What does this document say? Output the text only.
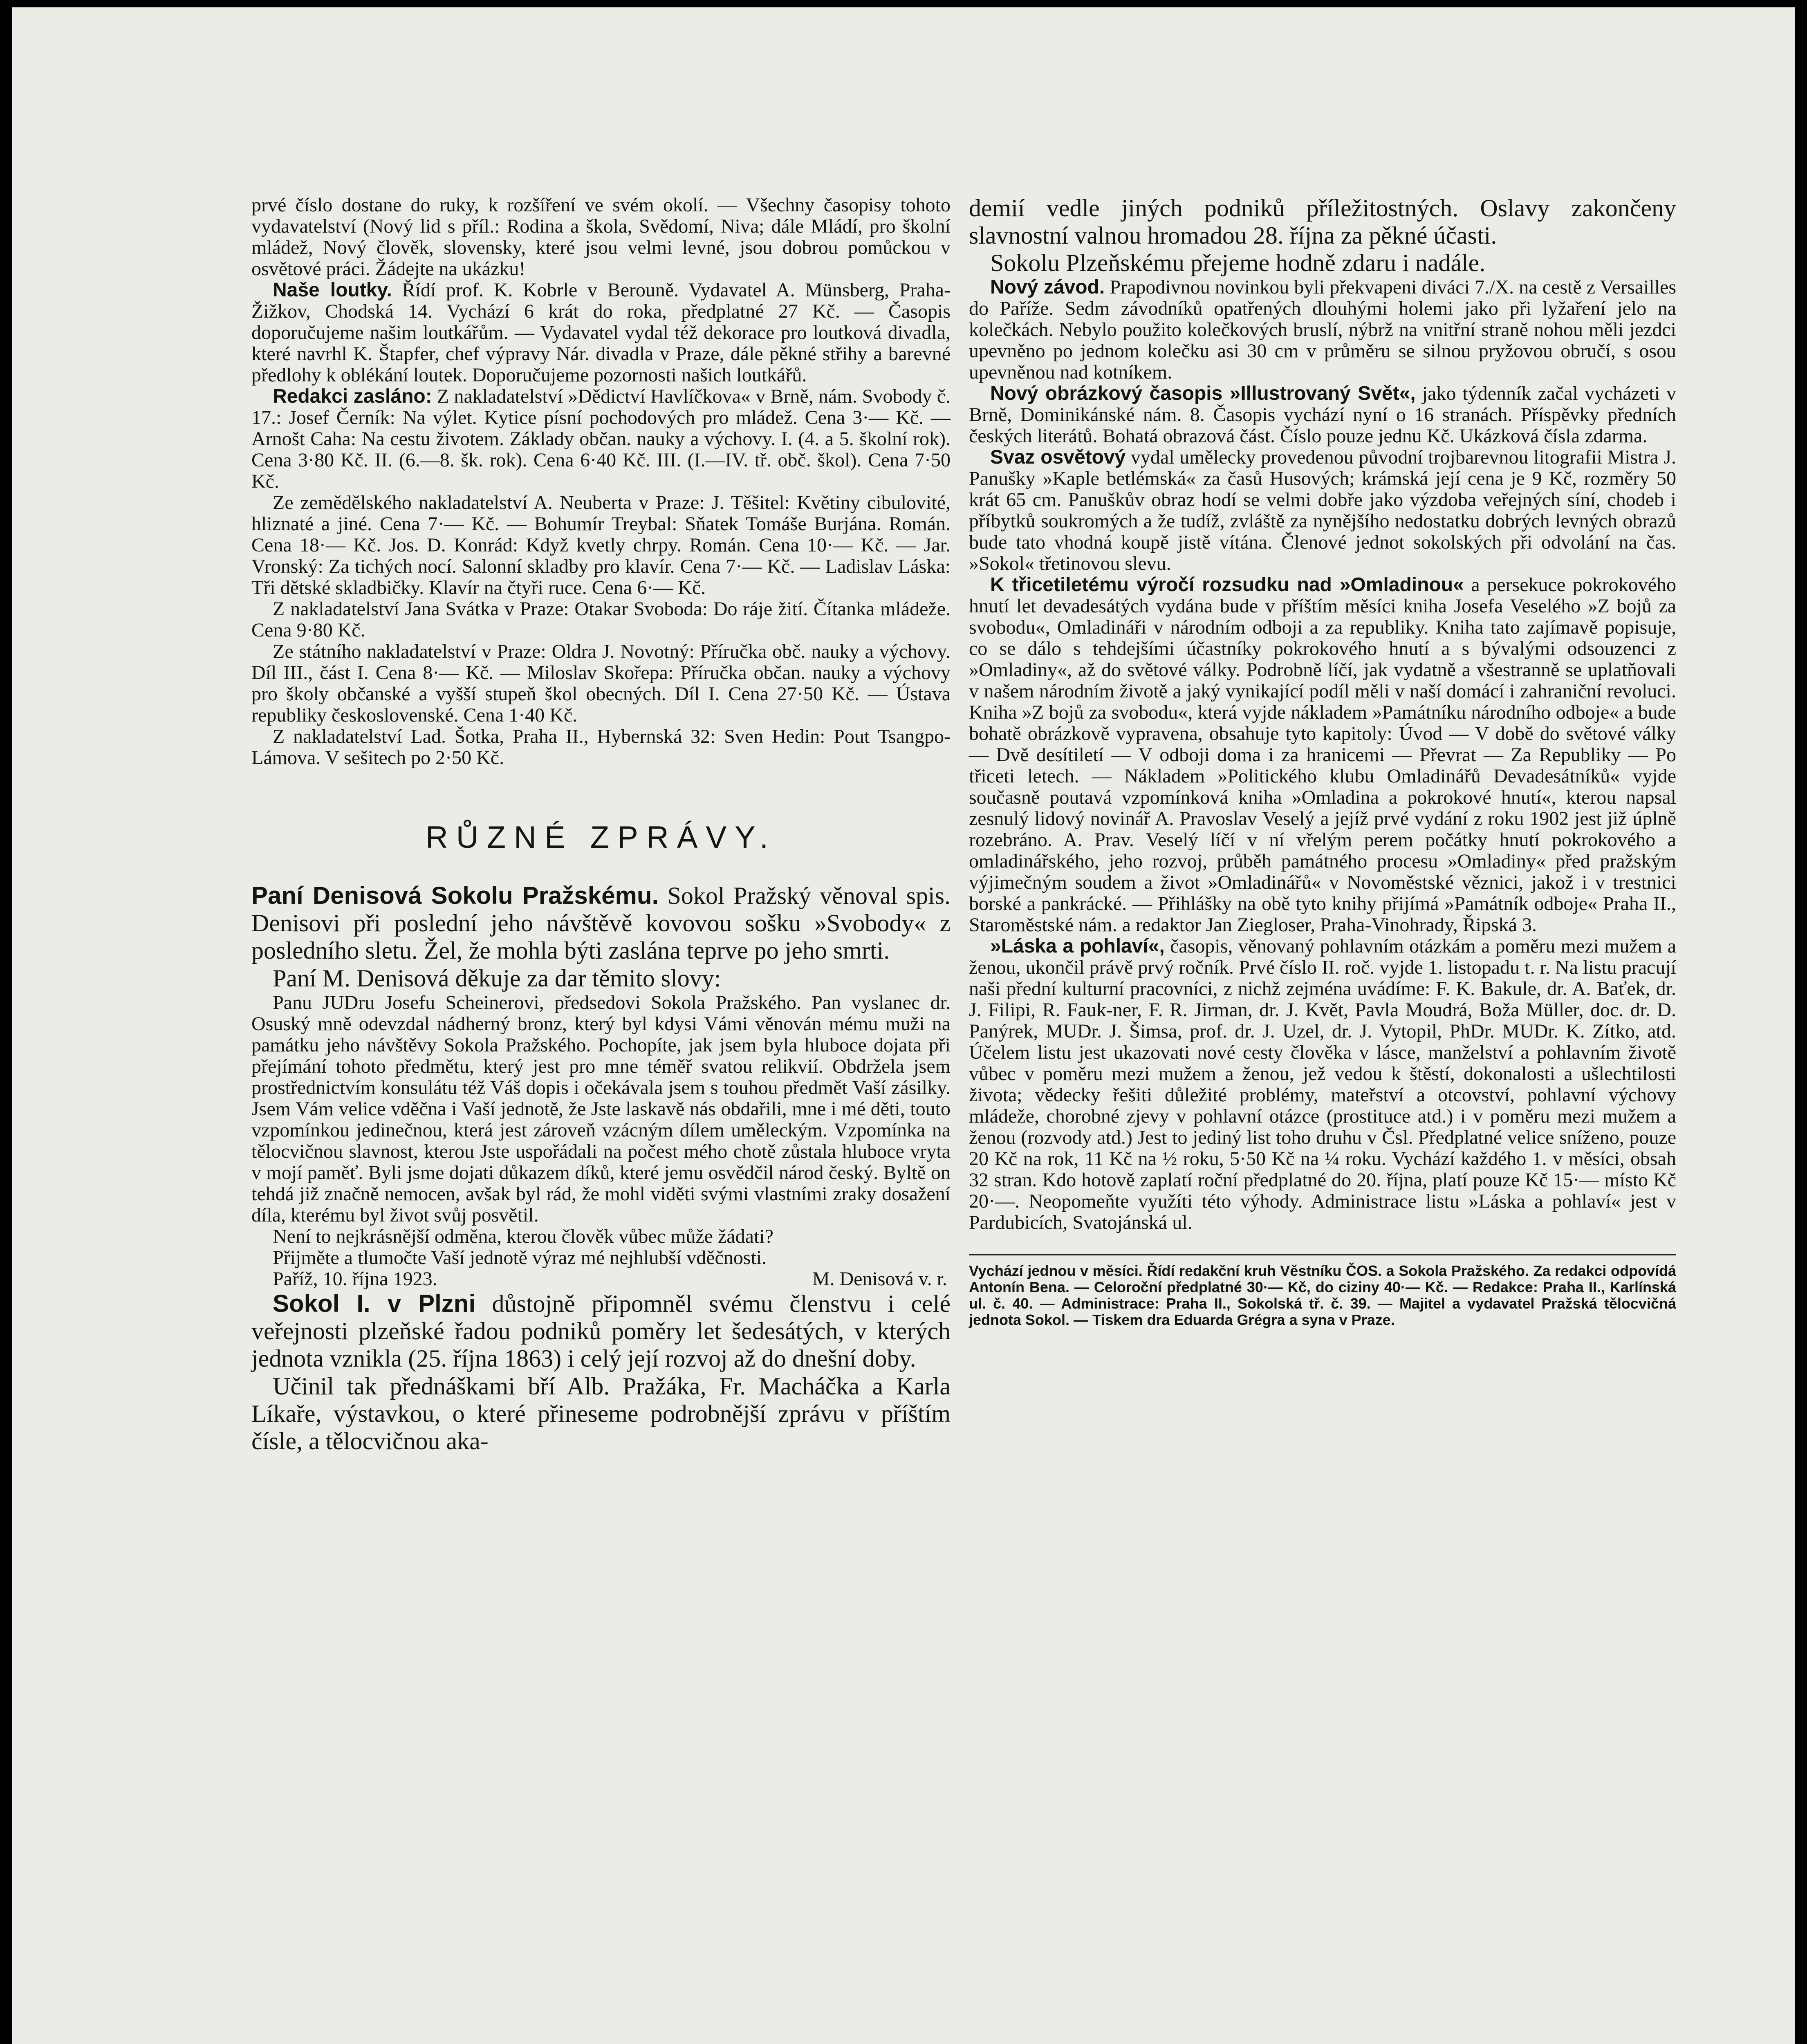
prvé číslo dostane do ruky, k rozšíření ve svém okolí. — Všechny časopisy tohoto vydavatelství (Nový lid s příl.: Rodina a škola, Svědomí, Niva; dále Mládí, pro školní mládež, Nový člověk, slovensky, které jsou velmi levné, jsou dobrou pomůckou v osvětové práci. Žádejte na ukázku!

Naše loutky. Řídí prof. K. Kobrle v Berouně. Vydavatel A. Münsberg, Praha-Žižkov, Chodská 14. Vychází 6 krát do roka, předplatné 27 Kč. — Časopis doporučujeme našim loutkářům. — Vydavatel vydal též dekorace pro loutková divadla, které navrhl K. Štapfer, chef výpravy Nár. divadla v Praze, dále pěkné střihy a barevné předlohy k oblékání loutek. Doporučujeme pozornosti našich loutkářů.

Redakci zasláno: Z nakladatelství »Dědictví Havlíčkova« v Brně, nám. Svobody č. 17.: Josef Černík: Na výlet. Kytice písní pochodových pro mládež. Cena 3·— Kč. — Arnošt Caha: Na cestu životem. Základy občan. nauky a výchovy. I. (4. a 5. školní rok). Cena 3·80 Kč. II. (6.—8. šk. rok). Cena 6·40 Kč. III. (I.—IV. tř. obč. škol). Cena 7·50 Kč.

Ze zemědělského nakladatelství A. Neuberta v Praze: J. Těšitel: Květiny cibulovité, hliznaté a jiné. Cena 7·— Kč. — Bohumír Treybal: Sňatek Tomáše Burjána. Román. Cena 18·— Kč. Jos. D. Konrád: Když kvetly chrpy. Román. Cena 10·— Kč. — Jar. Vronský: Za tichých nocí. Salonní skladby pro klavír. Cena 7·— Kč. — Ladislav Láska: Tři dětské skladbičky. Klavír na čtyři ruce. Cena 6·— Kč.

Z nakladatelství Jana Svátka v Praze: Otakar Svoboda: Do ráje žití. Čítanka mládeže. Cena 9·80 Kč.

Ze státního nakladatelství v Praze: Oldra J. Novotný: Příručka obč. nauky a výchovy. Díl III., část I. Cena 8·— Kč. — Miloslav Skořepa: Příručka občan. nauky a výchovy pro školy občanské a vyšší stupeň škol obecných. Díl I. Cena 27·50 Kč. — Ústava republiky československé. Cena 1·40 Kč.

Z nakladatelství Lad. Šotka, Praha II., Hybernská 32: Sven Hedin: Pout Tsangpo-Lámova. V sešitech po 2·50 Kč.

RŮZNÉ ZPRÁVY.

Paní Denisová Sokolu Pražskému. Sokol Pražský věnoval spis. Denisovi při poslední jeho návštěvě kovovou sošku »Svobody« z posledního sletu. Žel, že mohla býti zaslána teprve po jeho smrti.

Paní M. Denisová děkuje za dar těmito slovy:

Panu JUDru Josefu Scheinerovi, předsedovi Sokola Pražského. Pan vyslanec dr. Osuský mně odevzdal nádherný bronz, který byl kdysi Vámi věnován mému muži na památku jeho návštěvy Sokola Pražského. Pochopíte, jak jsem byla hluboce dojata při přejímání tohoto předmětu, který jest pro mne téměř svatou relikvií. Obdržela jsem prostřednictvím konsulátu též Váš dopis i očekávala jsem s touhou předmět Vaší zásilky. Jsem Vám velice vděčna i Vaší jednotě, že Jste laskavě nás obdařili, mne i mé děti, touto vzpomínkou jedinečnou, která jest zároveň vzácným dílem uměleckým. Vzpomínka na tělocvičnou slavnost, kterou Jste uspořádali na počest mého chotě zůstala hluboce vryta v mojí paměť. Byli jsme dojati důkazem díků, které jemu osvědčil národ český. Byltě on tehdá již značně nemocen, avšak byl rád, že mohl viděti svými vlastními zraky dosažení díla, kterému byl život svůj posvětil.

Není to nejkrásnější odměna, kterou člověk vůbec může žádati?

Přijměte a tlumočte Vaší jednotě výraz mé nejhlubší vděčnosti.

Paříž, 10. října 1923.	M. Denisová v. r.

Sokol I. v Plzni důstojně připomněl svému členstvu i celé veřejnosti plzeňské řadou podniků poměry let šedesátých, v kterých jednota vznikla (25. října 1863) i celý její rozvoj až do dnešní doby.

Učinil tak přednáškami bří Alb. Pražáka, Fr. Macháčka a Karla Líkaře, výstavkou, o které přineseme podrobnější zprávu v příštím čísle, a tělocvičnou aka-

demií vedle jiných podniků příležitostných. Oslavy zakončeny slavnostní valnou hromadou 28. října za pěkné účasti.

Sokolu Plzeňskému přejeme hodně zdaru i nadále.

Nový závod. Prapodivnou novinkou byli překvapeni diváci 7./X. na cestě z Versailles do Paříže. Sedm závodníků opatřených dlouhými holemi jako při lyžaření jelo na kolečkách. Nebylo použito kolečkových bruslí, nýbrž na vnitřní straně nohou měli jezdci upevněno po jednom kolečku asi 30 cm v průměru se silnou pryžovou obručí, s osou upevněnou nad kotníkem.

Nový obrázkový časopis »Illustrovaný Svět«, jako týdenník začal vycházeti v Brně, Dominikánské nám. 8. Časopis vychází nyní o 16 stranách. Příspěvky předních českých literátů. Bohatá obrazová část. Číslo pouze jednu Kč. Ukázková čísla zdarma.

Svaz osvětový vydal umělecky provedenou původní trojbarevnou litografii Mistra J. Panušky »Kaple betlémská« za časů Husových; krámská její cena je 9 Kč, rozměry 50 krát 65 cm. Panuškův obraz hodí se velmi dobře jako výzdoba veřejných síní, chodeb i příbytků soukromých a že tudíž, zvláště za nynějšího nedostatku dobrých levných obrazů bude tato vhodná koupě jistě vítána. Členové jednot sokolských při odvolání na čas. »Sokol« třetinovou slevu.

K třicetiletému výročí rozsudku nad »Omladinou« a persekuce pokrokového hnutí let devadesátých vydána bude v příštím měsíci kniha Josefa Veselého »Z bojů za svobodu«, Omladináři v národním odboji a za republiky. Kniha tato zajímavě popisuje, co se dálo s tehdejšími účastníky pokrokového hnutí a s bývalými odsouzenci z »Omladiny«, až do světové války. Podrobně líčí, jak vydatně a všestranně se uplatňovali v našem národním životě a jaký vynikající podíl měli v naší domácí i zahraniční revoluci. Kniha »Z bojů za svobodu«, která vyjde nákladem »Památníku národního odboje« a bude bohatě obrázkově vypravena, obsahuje tyto kapitoly: Úvod — V době do světové války — Dvě desítiletí — V odboji doma i za hranicemi — Převrat — Za Republiky — Po třiceti letech. — Nákladem »Politického klubu Omladinářů Devadesátníků« vyjde současně poutavá vzpomínková kniha »Omladina a pokrokové hnutí«, kterou napsal zesnulý lidový novinář A. Pravoslav Veselý a jejíž prvé vydání z roku 1902 jest již úplně rozebráno. A. Prav. Veselý líčí v ní vřelým perem počátky hnutí pokrokového a omladinářského, jeho rozvoj, průběh památného procesu »Omladiny« před pražským výjimečným soudem a život »Omladinářů« v Novoměstské věznici, jakož i v trestnici borské a pankrácké. — Přihlášky na obě tyto knihy přijímá »Památník odboje« Praha II., Staroměstské nám. a redaktor Jan Ziegloser, Praha-Vinohrady, Řipská 3.

»Láska a pohlaví«, časopis, věnovaný pohlavním otázkám a poměru mezi mužem a ženou, ukončil právě prvý ročník. Prvé číslo II. roč. vyjde 1. listopadu t. r. Na listu pracují naši přední kulturní pracovníci, z nichž zejména uvádíme: F. K. Bakule, dr. A. Baťek, dr. J. Filipi, R. Fauk-ner, F. R. Jirman, dr. J. Květ, Pavla Moudrá, Boža Müller, doc. dr. D. Panýrek, MUDr. J. Šimsa, prof. dr. J. Uzel, dr. J. Vytopil, PhDr. MUDr. K. Zítko, atd. Účelem listu jest ukazovati nové cesty člověka v lásce, manželství a pohlavním životě vůbec v poměru mezi mužem a ženou, jež vedou k štěstí, dokonalosti a ušlechtilosti života; vědecky řešiti důležité problémy, mateřství a otcovství, pohlavní výchovy mládeže, chorobné zjevy v pohlavní otázce (prostituce atd.) i v poměru mezi mužem a ženou (rozvody atd.) Jest to jediný list toho druhu v Čsl. Předplatné velice sníženo, pouze 20 Kč na rok, 11 Kč na ½ roku, 5·50 Kč na ¼ roku. Vychází každého 1. v měsíci, obsah 32 stran. Kdo hotově zaplatí roční předplatné do 20. října, platí pouze Kč 15·— místo Kč 20·—. Neopomeňte využíti této výhody. Administrace listu »Láska a pohlaví« jest v Pardubicích, Svatojánská ul.

Vychází jednou v měsíci. Řídí redakční kruh Věstníku ČOS. a Sokola Pražského. Za redakci odpovídá Antonín Bena. — Celoroční předplatné 30·— Kč, do ciziny 40·— Kč. — Redakce: Praha II., Karlínská ul. č. 40. — Administrace: Praha II., Sokolská tř. č. 39. — Majitel a vydavatel Pražská tělocvičná jednota Sokol. — Tiskem dra Eduarda Grégra a syna v Praze.
